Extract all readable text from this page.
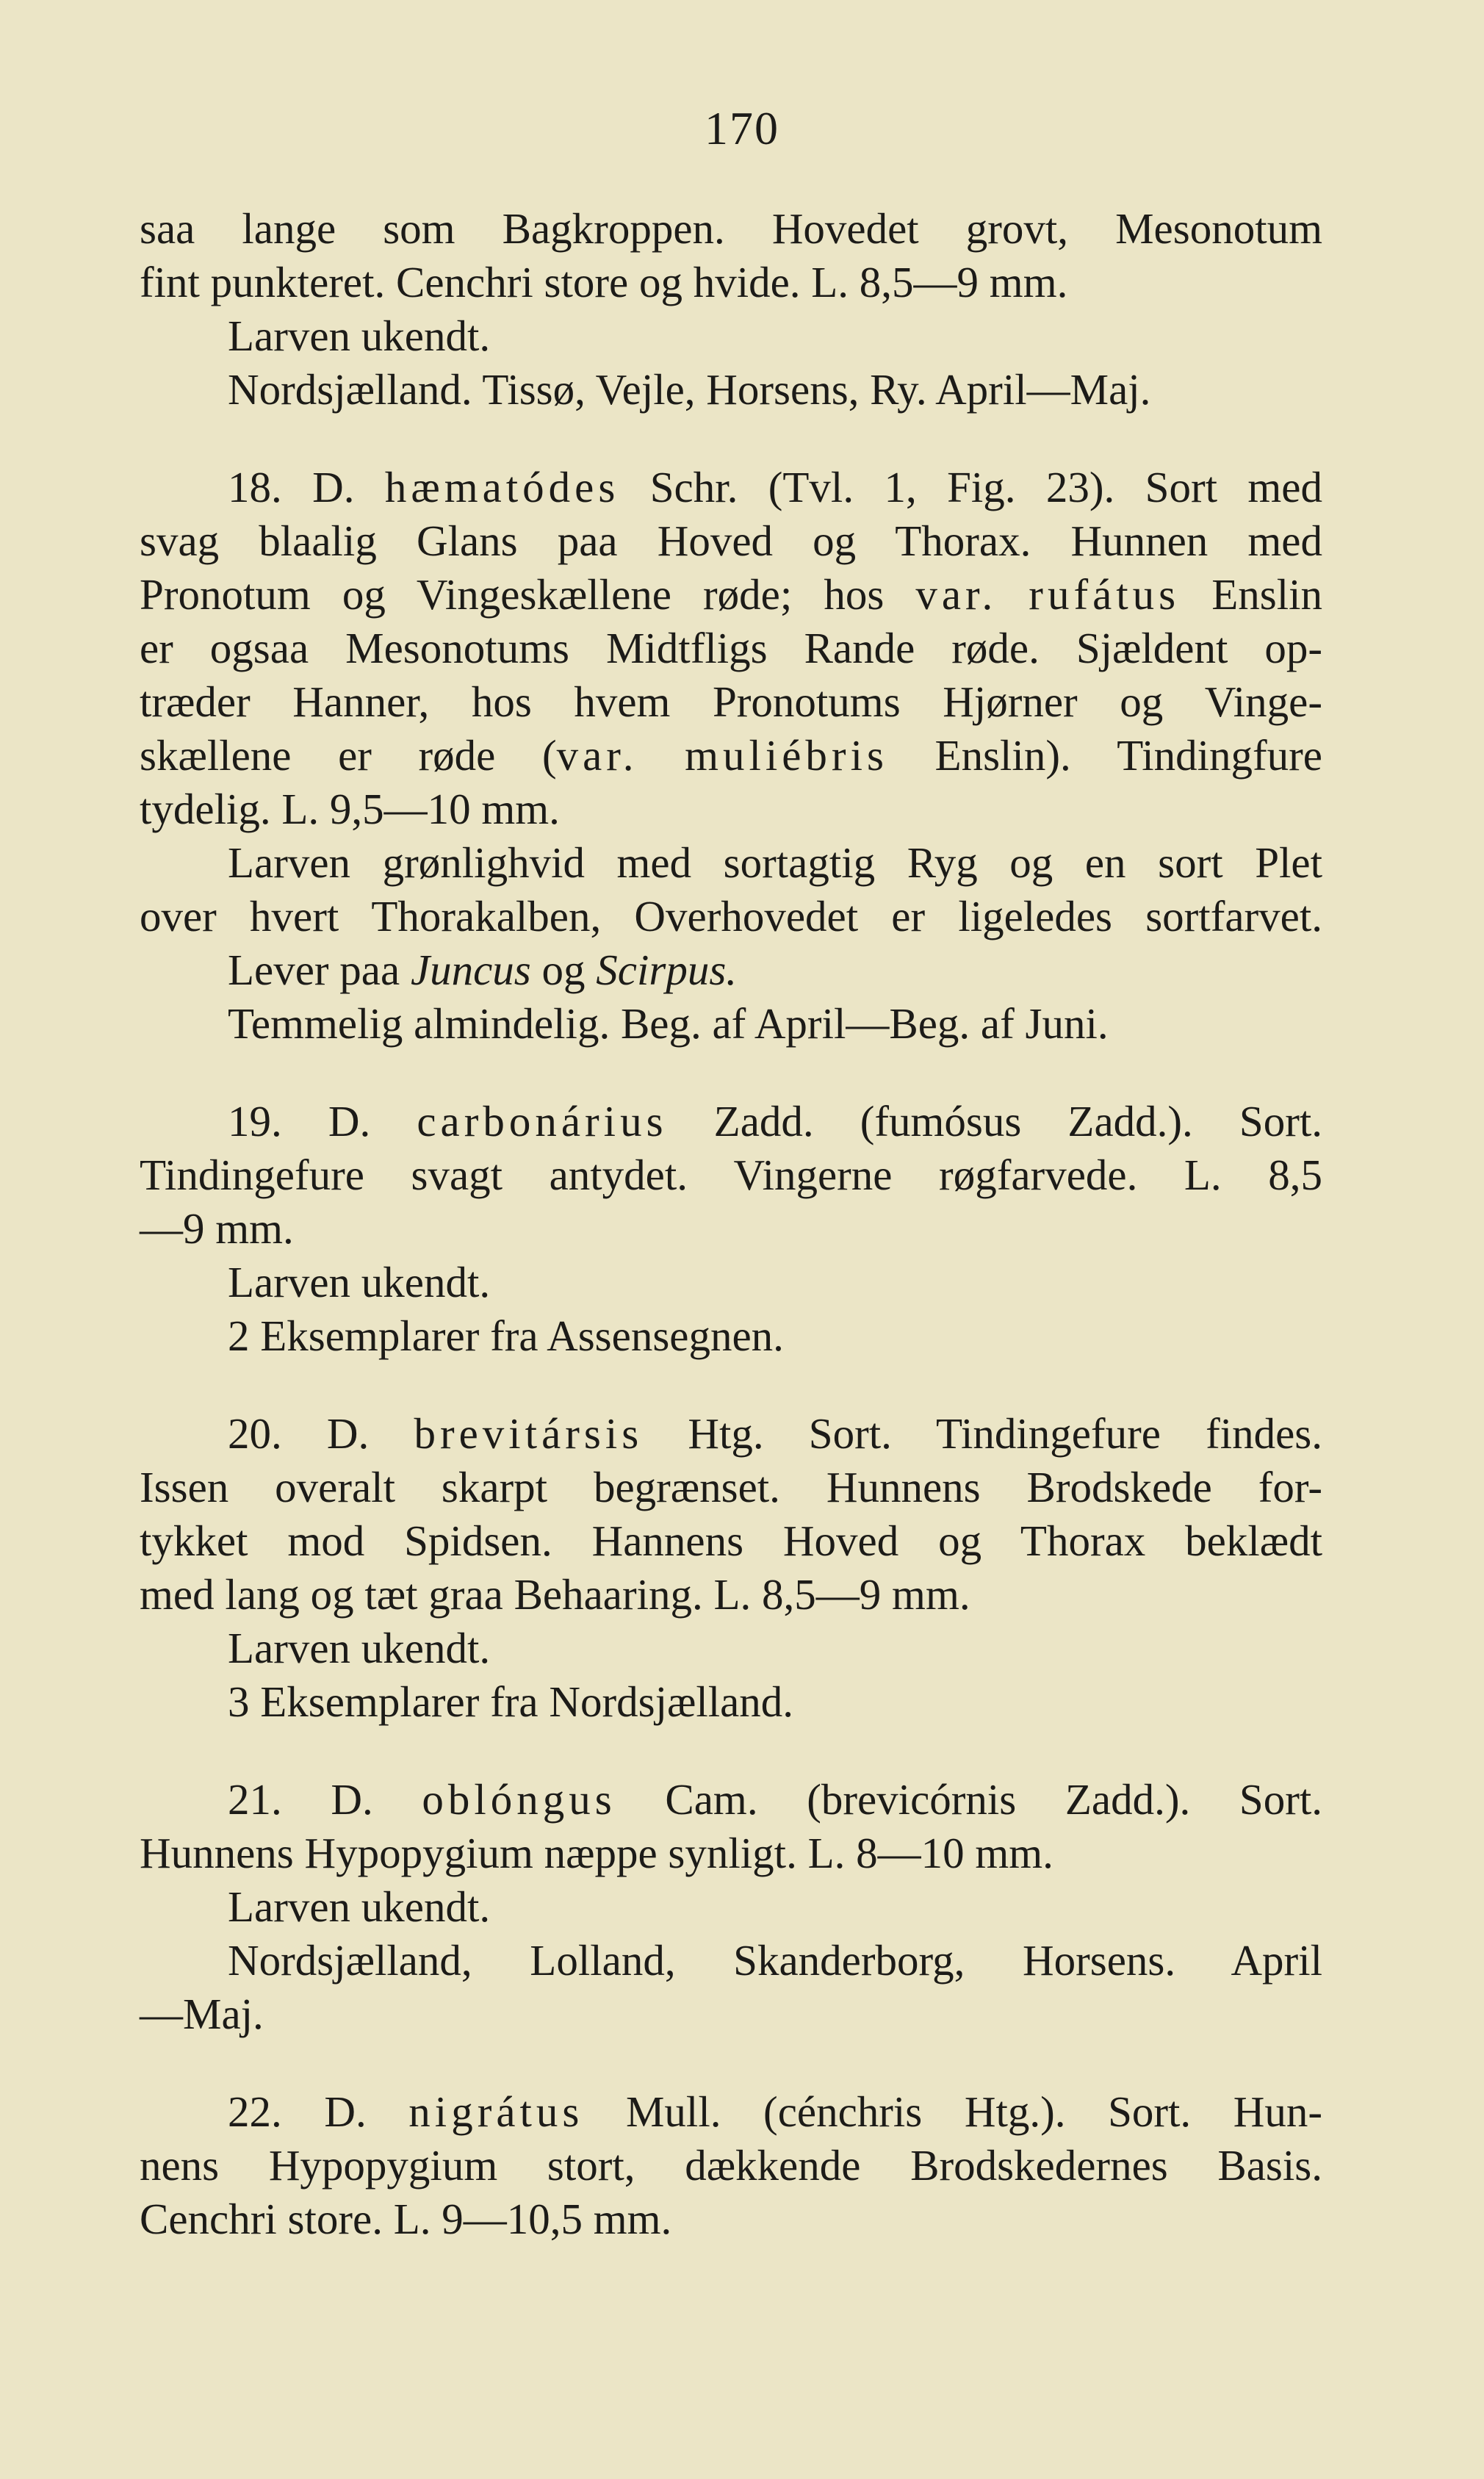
170
saa lange som Bagkroppen. Hovedet grovt, Mesonotum
fint punkteret. Cenchri store og hvide. L. 8,5—9 mm.
Larven ukendt.
Nordsjælland. Tissø, Vejle, Horsens, Ry. April—Maj.
18. D. hæmatódes Schr. (Tvl. 1, Fig. 23). Sort med
svag blaalig Glans paa Hoved og Thorax. Hunnen med
Pronotum og Vingeskællene røde; hos var. rufátus Enslin
er ogsaa Mesonotums Midtfligs Rande røde. Sjældent op-
træder Hanner, hos hvem Pronotums Hjørner og Vinge-
skællene er røde (var. muliébris Enslin). Tindingfure
tydelig. L. 9,5—10 mm.
Larven grønlighvid med sortagtig Ryg og en sort Plet
over hvert Thorakalben, Overhovedet er ligeledes sortfarvet.
Lever paa Juncus og Scirpus.
Temmelig almindelig. Beg. af April—Beg. af Juni.
19. D. carbonárius Zadd. (fumósus Zadd.). Sort.
Tindingefure svagt antydet. Vingerne røgfarvede. L. 8,5
—9 mm.
Larven ukendt.
2 Eksemplarer fra Assensegnen.
20. D. brevitársis Htg. Sort. Tindingefure findes.
Issen overalt skarpt begrænset. Hunnens Brodskede for-
tykket mod Spidsen. Hannens Hoved og Thorax beklædt
med lang og tæt graa Behaaring. L. 8,5—9 mm.
Larven ukendt.
3 Eksemplarer fra Nordsjælland.
21. D. oblóngus Cam. (brevicórnis Zadd.). Sort.
Hunnens Hypopygium næppe synligt. L. 8—10 mm.
Larven ukendt.
Nordsjælland, Lolland, Skanderborg, Horsens. April
—Maj.
22. D. nigrátus Mull. (cénchris Htg.). Sort. Hun-
nens Hypopygium stort, dækkende Brodskedernes Basis.
Cenchri store. L. 9—10,5 mm.
